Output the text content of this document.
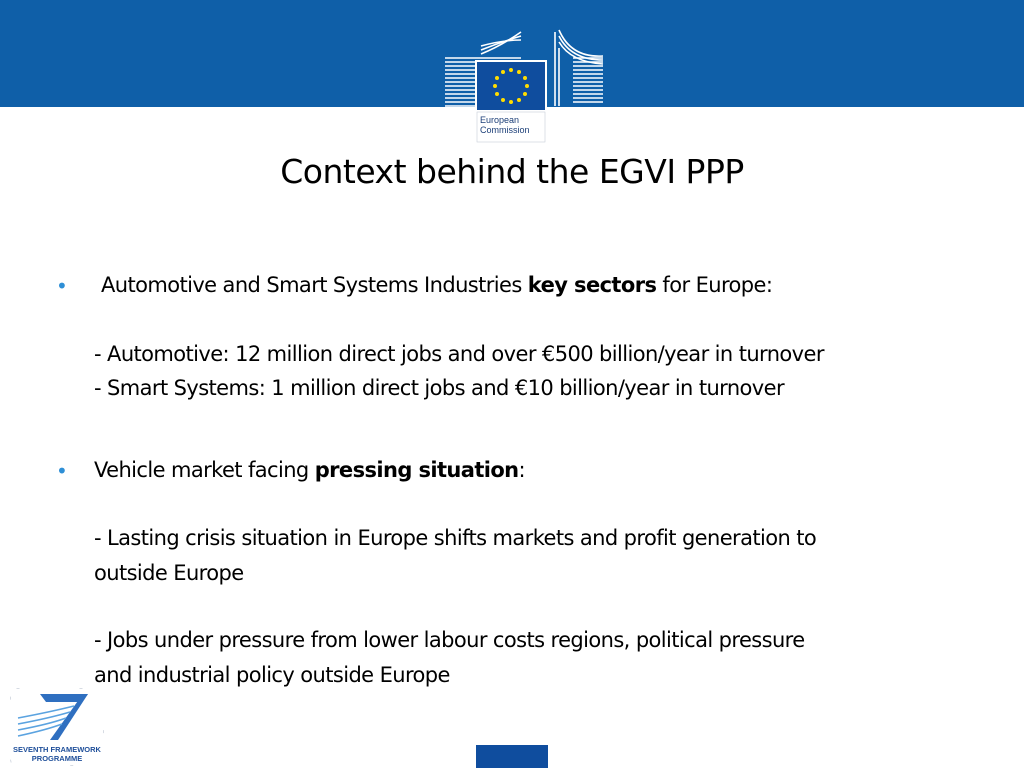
European
Commission
Context behind the EGVI PPP
• Automotive and Smart Systems Industries key sectors for Europe:
- Automotive: 12 million direct jobs and over €500 billion/year in turnover
- Smart Systems: 1 million direct jobs and €10 billion/year in turnover
• Vehicle market facing pressing situation:
- Lasting crisis situation in Europe shifts markets and profit generation to
outside Europe
- Jobs under pressure from lower labour costs regions, political pressure
and industrial policy outside Europe
SEVENTH FRAMEWORK
PROGRAMME
